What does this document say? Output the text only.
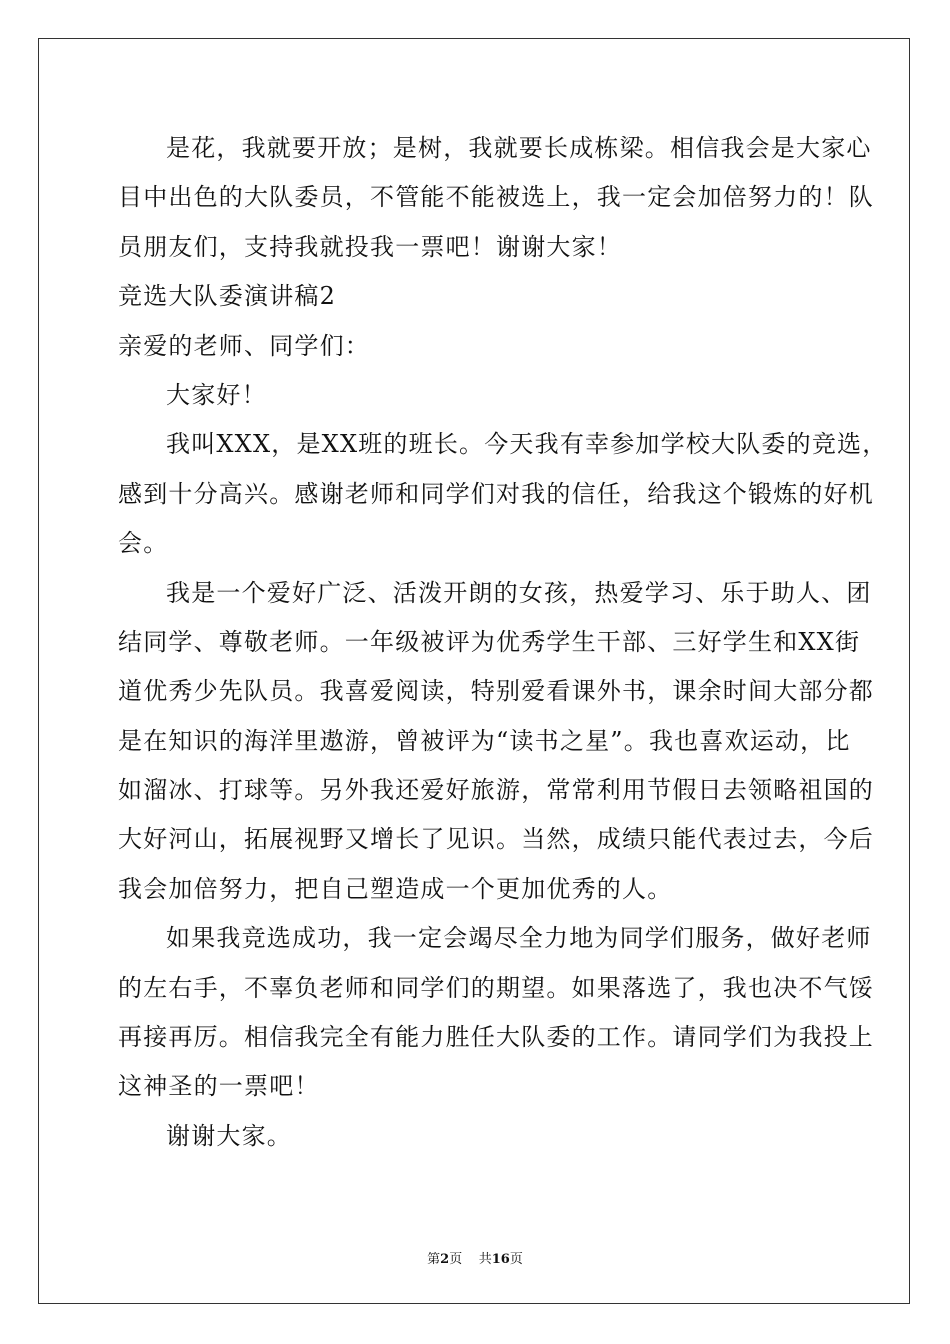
是花，我就要开放；是树，我就要长成栋梁。相信我会是大家心
目中出色的大队委员，不管能不能被选上，我一定会加倍努力的！队
员朋友们，支持我就投我一票吧！谢谢大家！
竞选大队委演讲稿2
亲爱的老师、同学们：
大家好！
我叫XXX，是XX班的班长。今天我有幸参加学校大队委的竞选，
感到十分高兴。感谢老师和同学们对我的信任，给我这个锻炼的好机
会。
我是一个爱好广泛、活泼开朗的女孩，热爱学习、乐于助人、团
结同学、尊敬老师。一年级被评为优秀学生干部、三好学生和XX街
道优秀少先队员。我喜爱阅读，特别爱看课外书，课余时间大部分都
是在知识的海洋里遨游，曾被评为“读书之星”。我也喜欢运动，比
如溜冰、打球等。另外我还爱好旅游，常常利用节假日去领略祖国的
大好河山，拓展视野又增长了见识。当然，成绩只能代表过去，今后
我会加倍努力，把自己塑造成一个更加优秀的人。
如果我竞选成功，我一定会竭尽全力地为同学们服务，做好老师
的左右手，不辜负老师和同学们的期望。如果落选了，我也决不气馁
再接再厉。相信我完全有能力胜任大队委的工作。请同学们为我投上
这神圣的一票吧！
谢谢大家。
第2页 共16页
